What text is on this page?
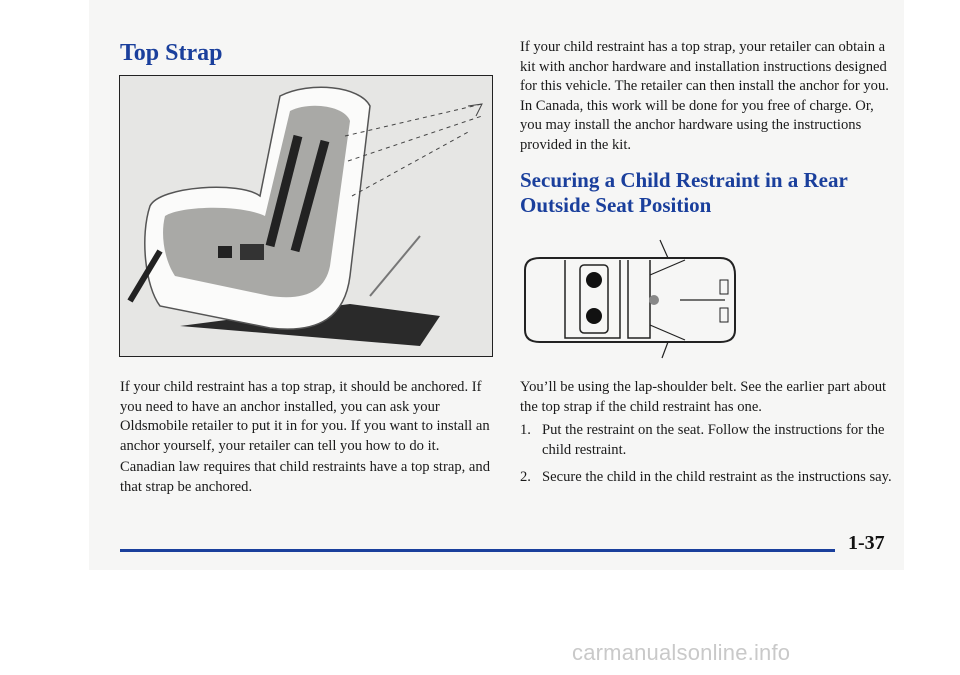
Top Strap

If your child restraint has a top strap, it should be anchored. If you need to have an anchor installed, you can ask your Oldsmobile retailer to put it in for you. If you want to install an anchor yourself, your retailer can tell you how to do it.

Canadian law requires that child restraints have a top strap, and that strap be anchored.

If your child restraint has a top strap, your retailer can obtain a kit with anchor hardware and installation instructions designed for this vehicle. The retailer can then install the anchor for you. In Canada, this work will be done for you free of charge. Or, you may install the anchor hardware using the instructions provided in the kit.

Securing a Child Restraint in a Rear Outside Seat Position

You’ll be using the lap-shoulder belt. See the earlier part about the top strap if the child restraint has one.

1. Put the restraint on the seat. Follow the instructions for the child restraint.
2. Secure the child in the child restraint as the instructions say.
1-37
carmanualsonline.info
